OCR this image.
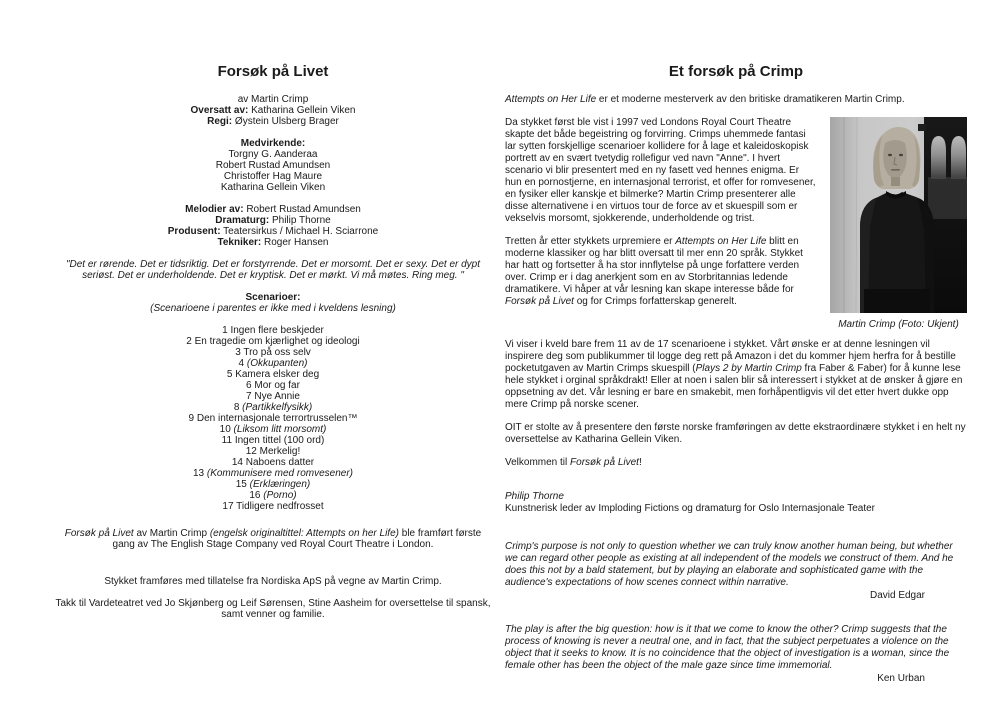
Forsøk på Livet

av Martin Crimp

Oversatt av: Katharina Gellein Viken

Regi: Øystein Ulsberg Brager

Medvirkende:

Torgny G. Aanderaa

Robert Rustad Amundsen

Christoffer Hag Maure

Katharina Gellein Viken

Melodier av: Robert Rustad Amundsen

Dramaturg: Philip Thorne

Produsent: Teatersirkus / Michael H. Sciarrone

Tekniker: Roger Hansen

"Det er rørende. Det er tidsriktig. Det er forstyrrende. Det er morsomt. Det er sexy. Det er dypt seriøst. Det er underholdende. Det er kryptisk. Det er mørkt. Vi må møtes. Ring meg. "

Scenarioer:

(Scenarioene i parentes er ikke med i kveldens lesning)

1 Ingen flere beskjeder

2 En tragedie om kjærlighet og ideologi

3 Tro på oss selv

4 (Okkupanten)

5 Kamera elsker deg

6 Mor og far

7 Nye Annie

8 (Partikkelfysikk)

9 Den internasjonale terrortrusselen™

10 (Liksom litt morsomt)

11 Ingen tittel (100 ord)

12 Merkelig!

14 Naboens datter

13 (Kommunisere med romvesener)

15 (Erklæringen)

16 (Porno)

17 Tidligere nedfrosset

Forsøk på Livet av Martin Crimp (engelsk originaltittel: Attempts on her Life) ble framført første gang av The English Stage Company ved Royal Court Theatre i London.

Stykket framføres med tillatelse fra Nordiska ApS på vegne av Martin Crimp.

Takk til Vardeteatret ved Jo Skjønberg og Leif Sørensen, Stine Aasheim for oversettelse til spansk, samt venner og familie.

Et forsøk på Crimp

Attempts on Her Life er et moderne mesterverk av den britiske dramatikeren Martin Crimp.

Martin Crimp (Foto: Ukjent)

Da stykket først ble vist i 1997 ved Londons Royal Court Theatre skapte det både begeistring og forvirring. Crimps uhemmede fantasi lar sytten forskjellige scenarioer kollidere for å lage et kaleidoskopisk portrett av en svært tvetydig rollefigur ved navn "Anne". I hvert scenario vi blir presentert med en ny fasett ved hennes enigma. Er hun en pornostjerne, en internasjonal terrorist, et offer for romvesener, en fysiker eller kanskje et bilmerke? Martin Crimp presenterer alle disse alternativene i en virtuos tour de force av et skuespill som er vekselvis morsomt, sjokkerende, underholdende og trist.

Tretten år etter stykkets urpremiere er Attempts on Her Life blitt en moderne klassiker og har blitt oversatt til mer enn 20 språk. Stykket har hatt og fortsetter å ha stor innflytelse på unge forfattere verden over. Crimp er i dag anerkjent som en av Storbritannias ledende dramatikere. Vi håper at vår lesning kan skape interesse både for Forsøk på Livet og for Crimps forfatterskap generelt.

Vi viser i kveld bare frem 11 av de 17 scenarioene i stykket. Vårt ønske er at denne lesningen vil inspirere deg som publikummer til logge deg rett på Amazon i det du kommer hjem herfra for å bestille pocketutgaven av Martin Crimps skuespill (Plays 2 by Martin Crimp fra Faber & Faber) for å kunne lese hele stykket i orginal språkdrakt! Eller at noen i salen blir så interessert i stykket at de ønsker å gjøre en oppsetning av det. Vår lesning er bare en smakebit, men forhåpentligvis vil det etter hvert dukke opp mere Crimp på norske scener.

OIT er stolte av å presentere den første norske framføringen av dette ekstraordinære stykket i en helt ny oversettelse av Katharina Gellein Viken.

Velkommen til Forsøk på Livet!

Philip Thorne

Kunstnerisk leder av Imploding Fictions og dramaturg for Oslo Internasjonale Teater

Crimp's purpose is not only to question whether we can truly know another human being, but whether we can regard other people as existing at all independent of the models we construct of them. And he does this not by a bald statement, but by playing an elaborate and sophisticated game with the audience's expectations of how scenes connect within narrative.

David Edgar

The play is after the big question: how is it that we come to know the other? Crimp suggests that the process of knowing is never a neutral one, and in fact, that the subject perpetuates a violence on the object that it seeks to know. It is no coincidence that the object of investigation is a woman, since the female other has been the object of the male gaze since time immemorial.

Ken Urban
